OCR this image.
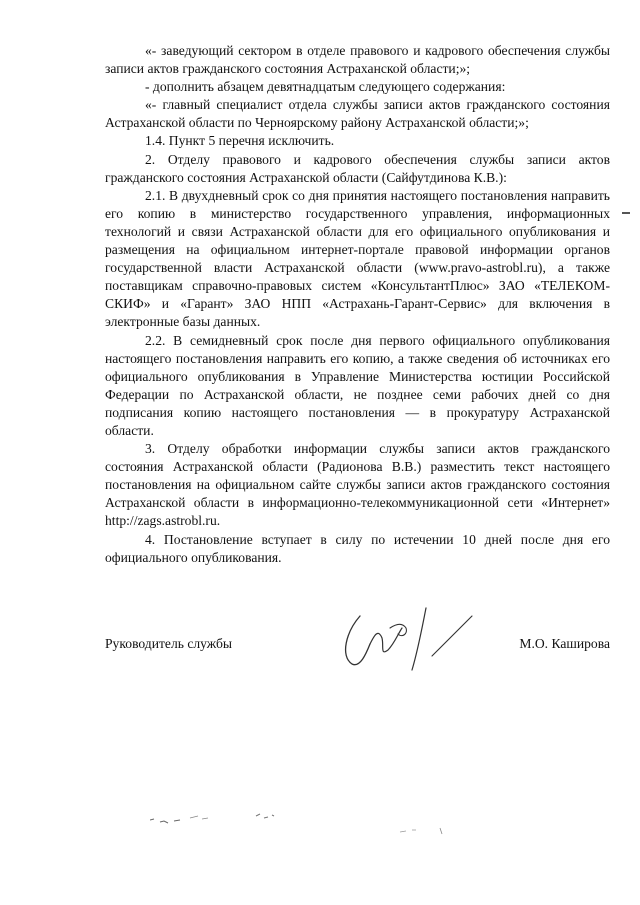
«- заведующий сектором в отделе правового и кадрового обеспечения службы записи актов гражданского состояния Астраханской области;»;

- дополнить абзацем девятнадцатым следующего содержания:

«- главный специалист отдела службы записи актов гражданского состояния Астраханской области по Черноярскому району Астраханской области;»;

1.4. Пункт 5 перечня исключить.

2. Отделу правового и кадрового обеспечения службы записи актов гражданского состояния Астраханской области (Сайфутдинова К.В.):

2.1. В двухдневный срок со дня принятия настоящего постановления направить его копию в министерство государственного управления, информационных технологий и связи Астраханской области для его официального опубликования и размещения на официальном интернет-портале правовой информации органов государственной власти Астраханской области (www.pravo-astrobl.ru), а также поставщикам справочно-правовых систем «КонсультантПлюс» ЗАО «ТЕЛЕКОМ-СКИФ» и «Гарант» ЗАО НПП «Астрахань-Гарант-Сервис» для включения в электронные базы данных.

2.2. В семидневный срок после дня первого официального опубликования настоящего постановления направить его копию, а также сведения об источниках его официального опубликования в Управление Министерства юстиции Российской Федерации по Астраханской области, не позднее семи рабочих дней со дня подписания копию настоящего постановления — в прокуратуру Астраханской области.

3. Отделу обработки информации службы записи актов гражданского состояния Астраханской области (Радионова В.В.) разместить текст настоящего постановления на официальном сайте службы записи актов гражданского состояния Астраханской области в информационно-телекоммуникационной сети «Интернет» http://zags.astrobl.ru.

4. Постановление вступает в силу по истечении 10 дней после дня его официального опубликования.

Руководитель службы	М.О. Каширова
